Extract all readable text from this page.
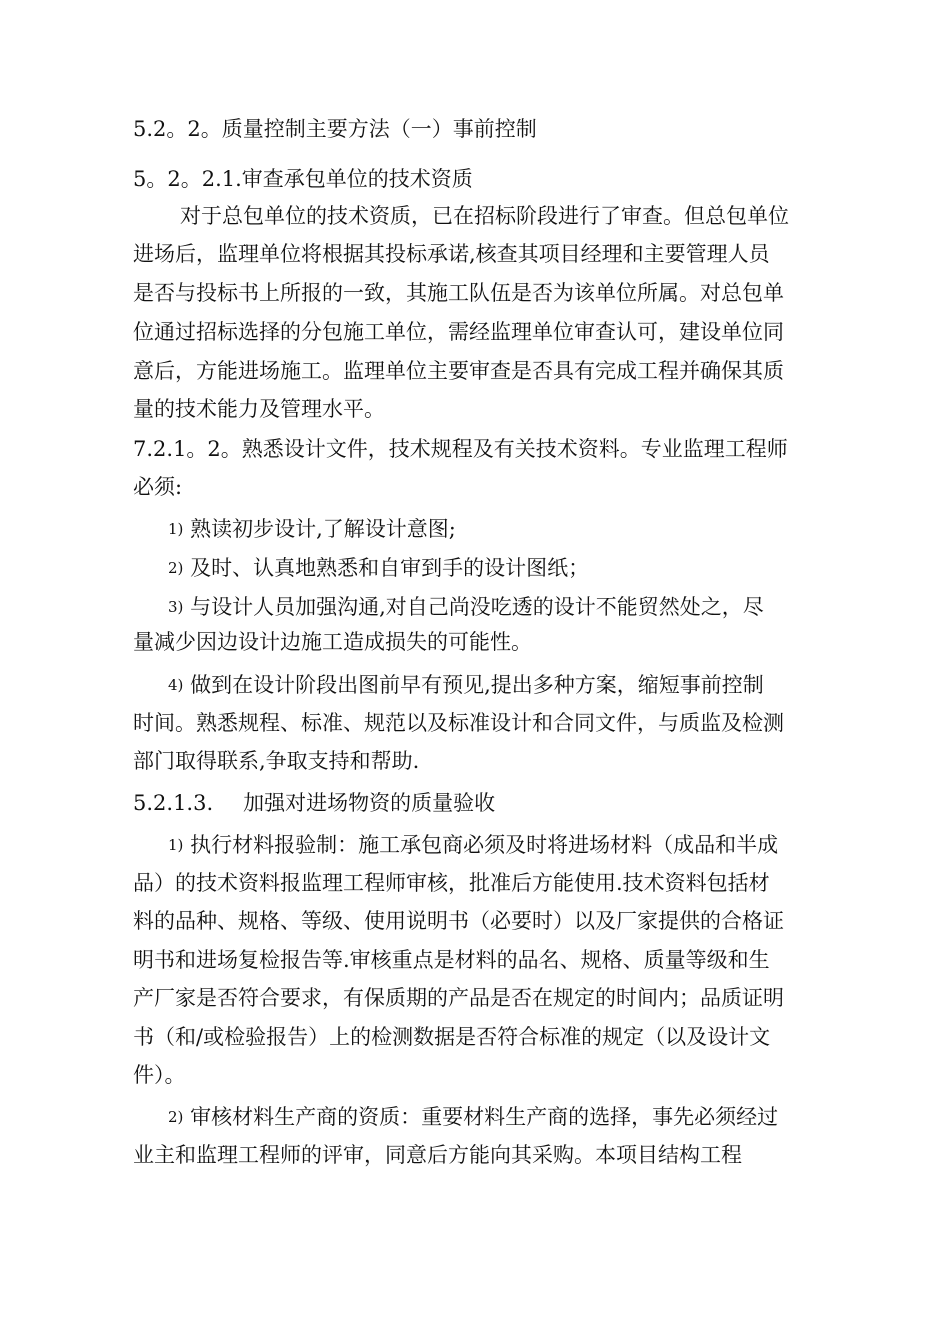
5.2。2。质量控制主要方法（一）事前控制
5。2。2.1.审查承包单位的技术资质
对于总包单位的技术资质，已在招标阶段进行了审查。但总包单位
进场后，监理单位将根据其投标承诺,核查其项目经理和主要管理人员
是否与投标书上所报的一致，其施工队伍是否为该单位所属。对总包单
位通过招标选择的分包施工单位，需经监理单位审查认可，建设单位同
意后，方能进场施工。监理单位主要审查是否具有完成工程并确保其质
量的技术能力及管理水平。
7.2.1。2。熟悉设计文件，技术规程及有关技术资料。专业监理工程师
必须:
1) 熟读初步设计,了解设计意图;
2) 及时、认真地熟悉和自审到手的设计图纸；
3) 与设计人员加强沟通,对自己尚没吃透的设计不能贸然处之，尽
量减少因边设计边施工造成损失的可能性。
4) 做到在设计阶段出图前早有预见,提出多种方案，缩短事前控制
时间。熟悉规程、标准、规范以及标准设计和合同文件，与质监及检测
部门取得联系,争取支持和帮助.
5.2.1.3. 加强对进场物资的质量验收
1) 执行材料报验制：施工承包商必须及时将进场材料（成品和半成
品）的技术资料报监理工程师审核，批准后方能使用.技术资料包括材
料的品种、规格、等级、使用说明书（必要时）以及厂家提供的合格证
明书和进场复检报告等.审核重点是材料的品名、规格、质量等级和生
产厂家是否符合要求，有保质期的产品是否在规定的时间内；品质证明
书（和/或检验报告）上的检测数据是否符合标准的规定（以及设计文
件）。
2) 审核材料生产商的资质：重要材料生产商的选择，事先必须经过
业主和监理工程师的评审，同意后方能向其采购。本项目结构工程
